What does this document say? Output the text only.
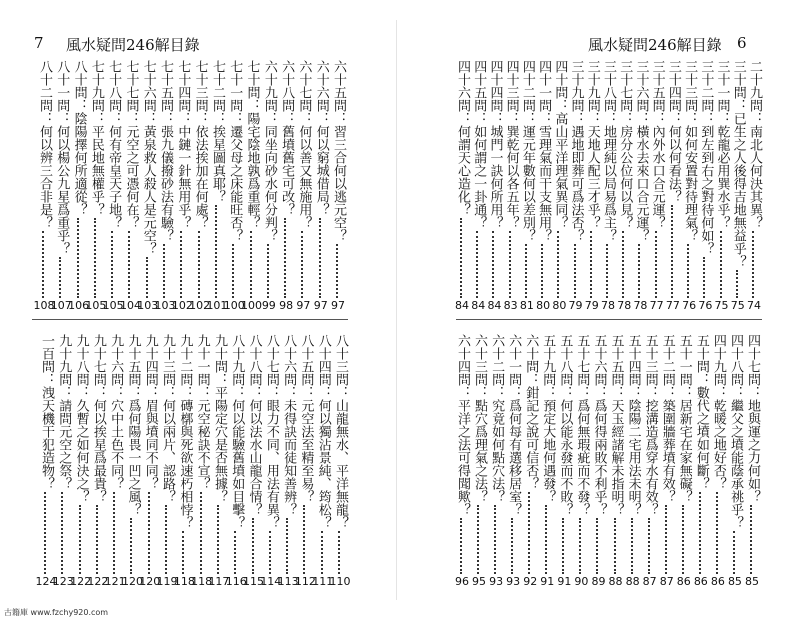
7 風水疑問246解目錄
六十五問：習三合何以逃元空？
97
六十六問：何以窮城借局？
97
六十七問：何以善又無施用？
97
六十八問：舊墳舊宅可改？
98
六十九問：同坐向砂水何分判？
99
七十問：陽宅陰地孰爲重輕？
100
七十一問：遷父母之床能旺否？
100
七十二問：挨星圖真耶？
101
七十三問：依法挨加在何處？
102
七十四問：中鏈一針無用乎？
102
七十五問：張九儀撥砂法有驗？
103
七十六問：黃泉救人殺人是元空？
103
七十七問：元空之可憑何在？
104
七十八問：何有帝皇天子地？
105
七十九問：平民地無權乎？
105
八十問：陰陽擇何所適從？
106
八十一問：何以楊公九星爲重乎？
107
八十二問：何以辨三合非是？
108
八十三問：山龍無水、平洋無龍？
110
八十四問：何以獨沾景純、筠松？
111
八十五問：元空法至精至易？
112
八十六問：未得訣而徒知善辨？
113
八十七問：眼力不同、用法有異？
114
八十八問：何以法水山龍合情？
115
八十九問：何以能驗舊墳如目擊？
116
九十問：平陽定穴是否無據？
117
九十一問：元空秘訣不宣？
118
九十二問：磚槨與死欲速朽相悖？
118
九十三問：何以兩片、認路？
119
九十四問：眉與墳同不同？
120
九十五問：爲何陽畏一凹之風？
120
九十六問：穴中土色不同？
121
九十七問：何以挨星爲最貴？
122
九十八問：久暫之如何決之？
122
九十九問：請問元空之祭？
123
一百問：洩天機干犯造物？
124
風水疑問246解目錄 6
二十九問：南北人何決其異？
74
三十問：已生之人後得吉地無益乎？
75
三十一問：乾龍必用巽水乎？
75
三十二問：到左到右之對待何如？
76
三十三問：如何安置對待理氣？
76
三十四問：何以何看法？
77
三十五問：內外水口合元運？
77
三十六問：橫水去來口合元運？
78
三十七問：房分公位何以見？
78
三十八問：地理純以局易爲主？
78
三十九問：天地人配三才乎？
79
三十九問：遇地即葬可爲法否？
79
四十問：高山平洋理氣異同？
80
四十一問：雪理氣而干支無用？
80
四十二問：運元年數何以差別？
81
四十三問：巽乾何以各五年？
83
四十四問：城門一訣何所用？
84
四十五問：如何謂之一卦通？
84
四十六問：何謂天心造化？
84
四十七問：地與運之力何如？
85
四十八問：繼父之墳能蔭承祧乎？
85
四十九問：乾暖之地好否？
86
五十問：數代之墳如何斷？
86
五十一問：居新宅在家無礙？
86
五十二問：築圍牆葬墳有效？
87
五十三問：挖溝造爲穿水有效？
87
五十四問：陰陽二宅用法未明？
88
五十五問：天玉經諸解未指明？
88
五十六問：爲何得兩敗不利乎？
89
五十七問：爲何無瑕疵而不發？
90
五十八問：何以能永發而不敗？
91
五十九問：預定大地何遇發？
91
六十問：鉗記之說可信否？
92
六十一問：爲何每有選移居室？
93
六十二問：究竟如何點穴法？
93
六十三問：點穴爲理氣之法？
95
六十四問：平洋之法可得聞歟？
96
古籍庫 www.fzchy920.com
